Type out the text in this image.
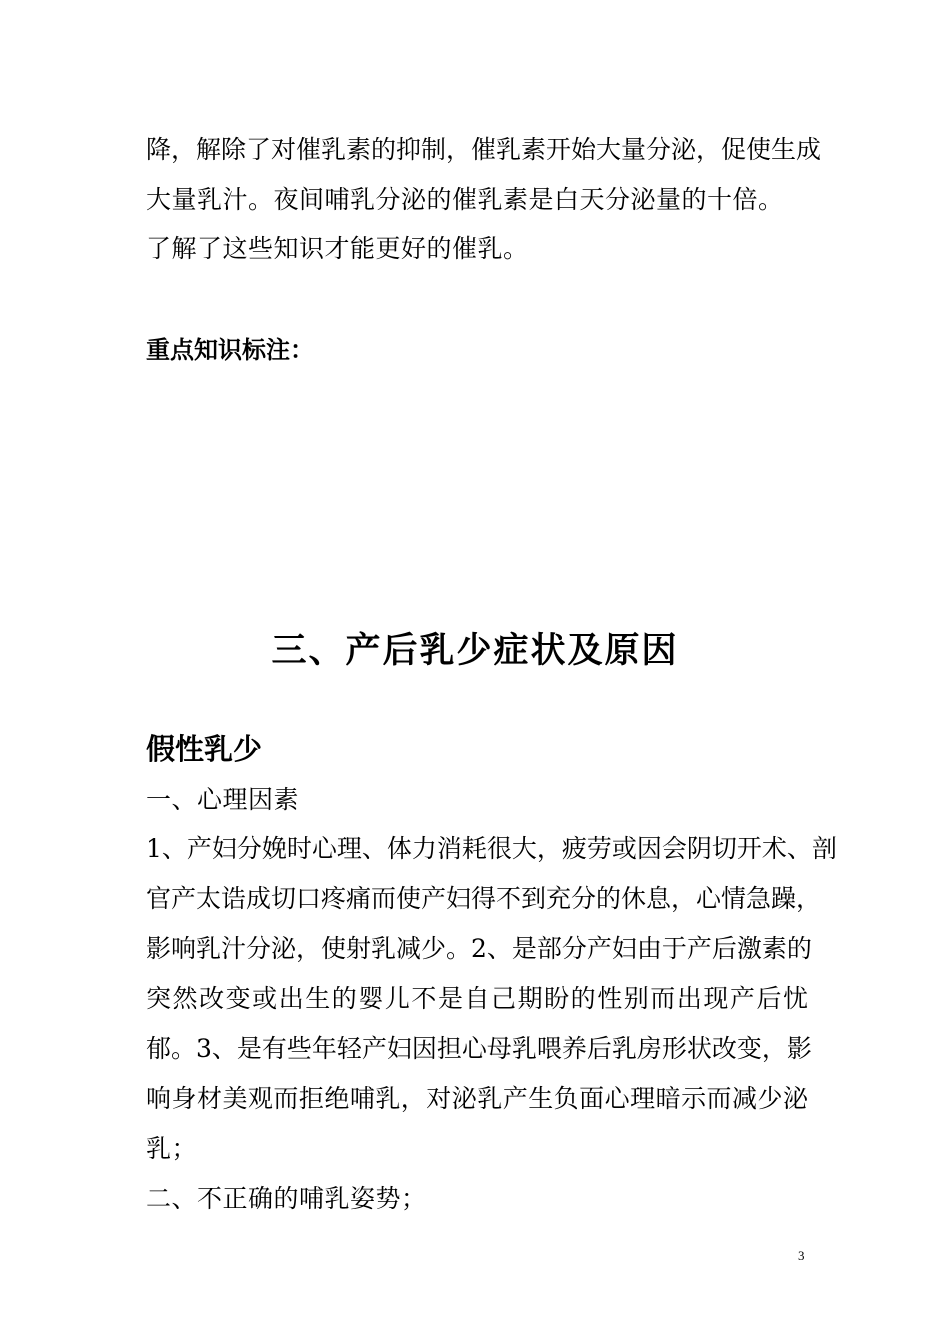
降，解除了对催乳素的抑制，催乳素开始大量分泌，促使生成
大量乳汁。夜间哺乳分泌的催乳素是白天分泌量的十倍。
了解了这些知识才能更好的催乳。
重点知识标注：
三、产后乳少症状及原因
假性乳少
一、心理因素
1、产妇分娩时心理、体力消耗很大，疲劳或因会阴切开术、剖
官产太诰成切口疼痛而使产妇得不到充分的休息，心情急躁，
影响乳汁分泌，使射乳减少。2、是部分产妇由于产后激素的
突然改变或出生的婴儿不是自己期盼的性别而出现产后忧
郁。3、是有些年轻产妇因担心母乳喂养后乳房形状改变，影
响身材美观而拒绝哺乳，对泌乳产生负面心理暗示而减少泌
乳；
二、不正确的哺乳姿势；
3
